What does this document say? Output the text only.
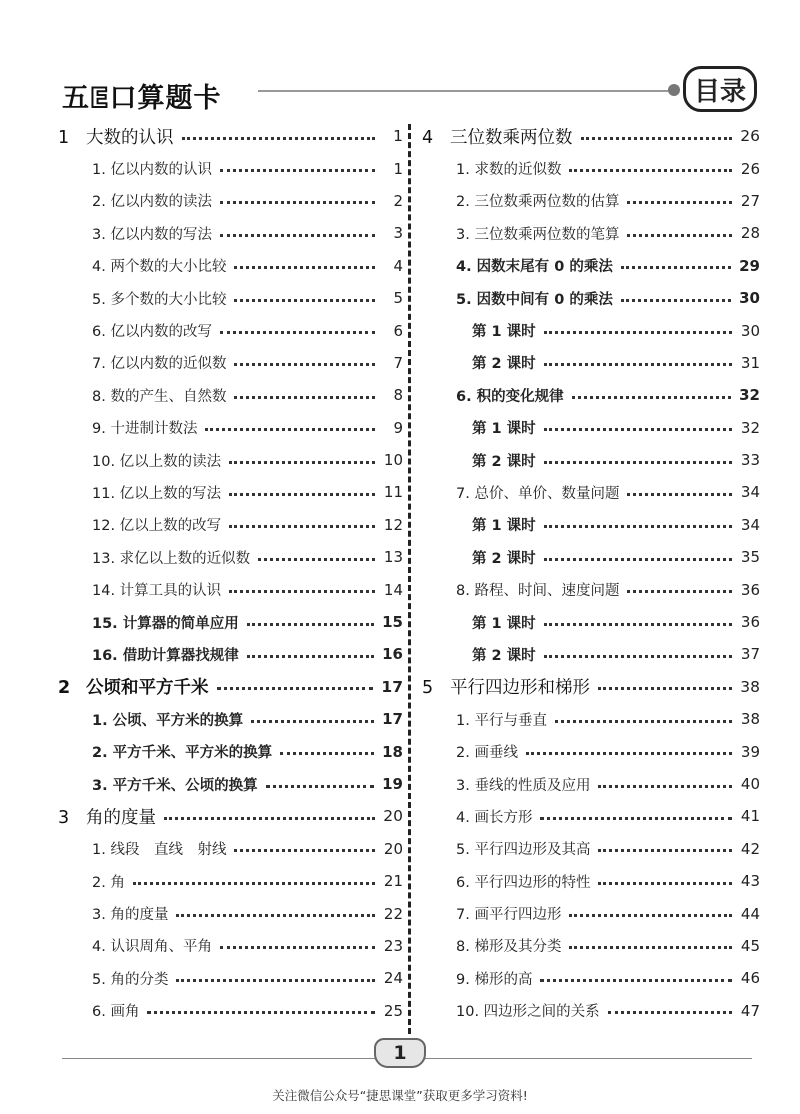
五E口算题卡	目录
1 大数的认识	1
1. 亿以内数的认识	1
2. 亿以内数的读法	2
3. 亿以内数的写法	3
4. 两个数的大小比较	4
5. 多个数的大小比较	5
6. 亿以内数的改写	6
7. 亿以内数的近似数	7
8. 数的产生、自然数	8
9. 十进制计数法	9
10. 亿以上数的读法	10
11. 亿以上数的写法	11
12. 亿以上数的改写	12
13. 求亿以上数的近似数	13
14. 计算工具的认识	14
15. 计算器的简单应用	15
16. 借助计算器找规律	16
2 公顷和平方千米	17
1. 公顷、平方米的换算	17
2. 平方千米、平方米的换算	18
3. 平方千米、公顷的换算	19
3 角的度量	20
1. 线段　直线　射线	20
2. 角	21
3. 角的度量	22
4. 认识周角、平角	23
5. 角的分类	24
6. 画角	25
4 三位数乘两位数	26
1. 求数的近似数	26
2. 三位数乘两位数的估算	27
3. 三位数乘两位数的笔算	28
4. 因数末尾有 0 的乘法	29
5. 因数中间有 0 的乘法	30
第 1 课时	30
第 2 课时	31
6. 积的变化规律	32
第 1 课时	32
第 2 课时	33
7. 总价、单价、数量问题	34
第 1 课时	34
第 2 课时	35
8. 路程、时间、速度问题	36
第 1 课时	36
第 2 课时	37
5 平行四边形和梯形	38
1. 平行与垂直	38
2. 画垂线	39
3. 垂线的性质及应用	40
4. 画长方形	41
5. 平行四边形及其高	42
6. 平行四边形的特性	43
7. 画平行四边形	44
8. 梯形及其分类	45
9. 梯形的高	46
10. 四边形之间的关系	47
1
关注微信公众号“捷思课堂”获取更多学习资料!
